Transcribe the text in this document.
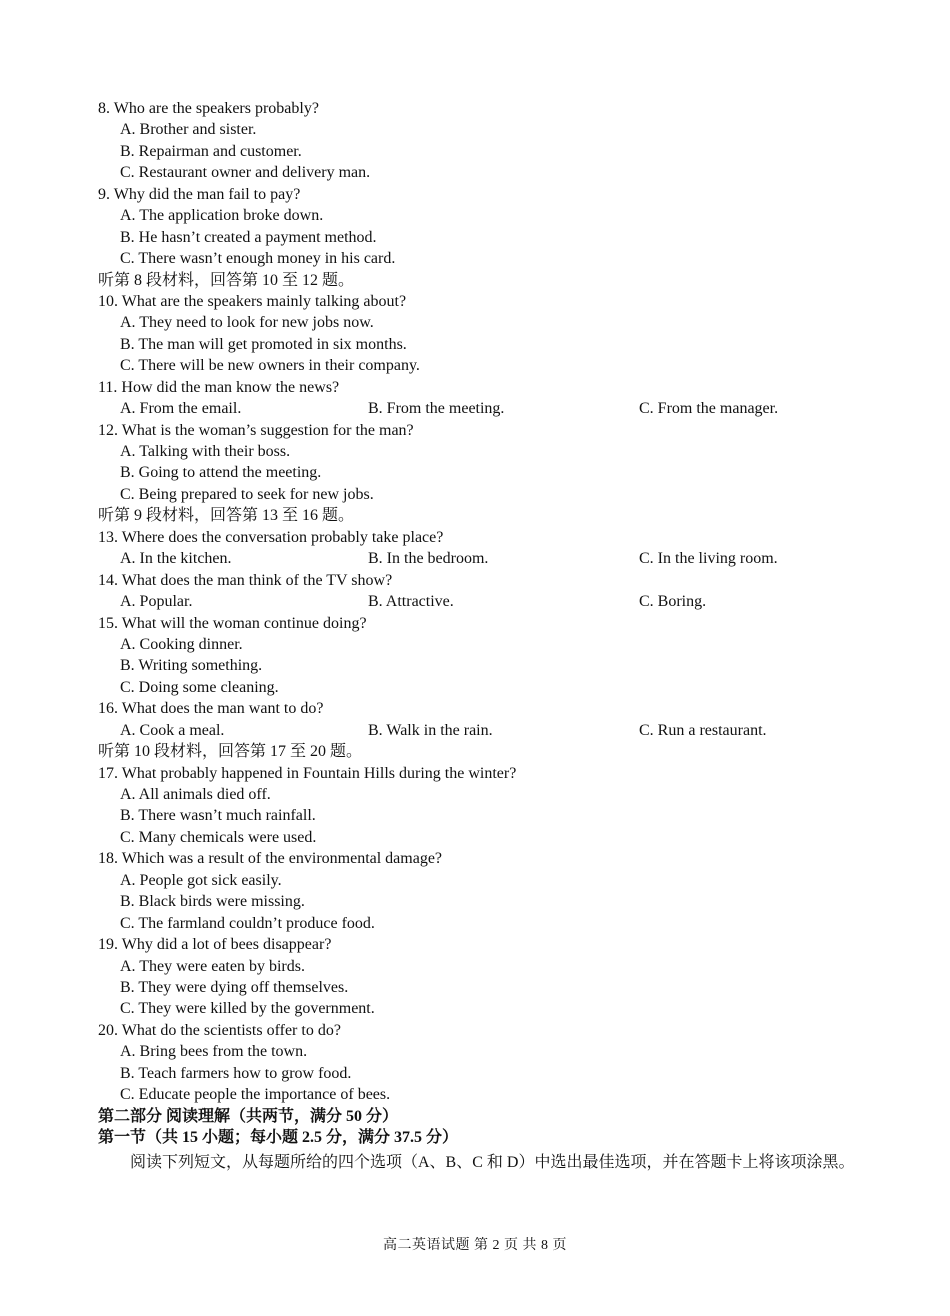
8. Who are the speakers probably?
A. Brother and sister.
B. Repairman and customer.
C. Restaurant owner and delivery man.
9. Why did the man fail to pay?
A. The application broke down.
B. He hasn’t created a payment method.
C. There wasn’t enough money in his card.
听第 8 段材料，回答第 10 至 12 题。
10. What are the speakers mainly talking about?
A. They need to look for new jobs now.
B. The man will get promoted in six months.
C. There will be new owners in their company.
11. How did the man know the news?
A. From the email.	B. From the meeting.	C. From the manager.
12. What is the woman’s suggestion for the man?
A. Talking with their boss.
B. Going to attend the meeting.
C. Being prepared to seek for new jobs.
听第 9 段材料，回答第 13 至 16 题。
13. Where does the conversation probably take place?
A. In the kitchen.	B. In the bedroom.	C. In the living room.
14. What does the man think of the TV show?
A. Popular.	B. Attractive.	C. Boring.
15. What will the woman continue doing?
A. Cooking dinner.
B. Writing something.
C. Doing some cleaning.
16. What does the man want to do?
A. Cook a meal.	B. Walk in the rain.	C. Run a restaurant.
听第 10 段材料，回答第 17 至 20 题。
17. What probably happened in Fountain Hills during the winter?
A. All animals died off.
B. There wasn’t much rainfall.
C. Many chemicals were used.
18. Which was a result of the environmental damage?
A. People got sick easily.
B. Black birds were missing.
C. The farmland couldn’t produce food.
19. Why did a lot of bees disappear?
A. They were eaten by birds.
B. They were dying off themselves.
C. They were killed by the government.
20. What do the scientists offer to do?
A. Bring bees from the town.
B. Teach farmers how to grow food.
C. Educate people the importance of bees.
第二部分 阅读理解（共两节，满分 50 分）
第一节（共 15 小题；每小题 2.5 分，满分 37.5 分）
阅读下列短文，从每题所给的四个选项（A、B、C 和 D）中选出最佳选项，并在答题卡上将该项涂黑。
高二英语试题 第 2 页 共 8 页
